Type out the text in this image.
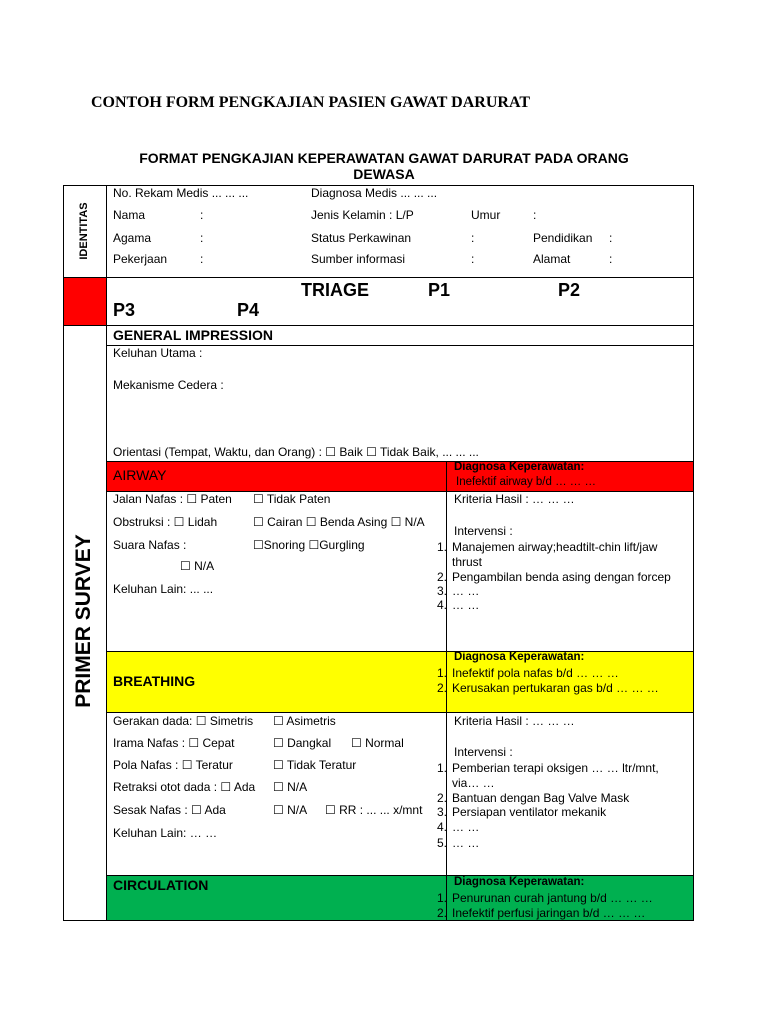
CONTOH FORM PENGKAJIAN PASIEN GAWAT DARURAT
FORMAT PENGKAJIAN KEPERAWATAN GAWAT DARURAT PADA ORANG
DEWASA
IDENTITAS
PRIMER SURVEY
No. Rekam Medis ... ... ...	Diagnosa Medis ... ... ...
Nama	:	Jenis Kelamin : L/P	Umur	:
Agama	:	Status Perkawinan	:	Pendidikan :
Pekerjaan	:	Sumber informasi	:	Alamat	:
TRIAGE	P1	P2
P3	P4
GENERAL IMPRESSION
Keluhan Utama :
Mekanisme Cedera :
Orientasi (Tempat, Waktu, dan Orang) : ☐ Baik ☐ Tidak Baik, ... ... ...
AIRWAY	Diagnosa Keperawatan:
Inefektif airway b/d … … …
Jalan Nafas : ☐ Paten ☐ Tidak Paten
Obstruksi : ☐ Lidah	☐ Cairan ☐ Benda Asing ☐ N/A
Suara Nafas :	☐Snoring ☐Gurgling
☐ N/A
Keluhan Lain: ... ...
Kriteria Hasil : … … …
Intervensi :
1. Manajemen airway;headtilt-chin lift/jaw
thrust
2. Pengambilan benda asing dengan forcep
3. … …
4. … …
BREATHING
Diagnosa Keperawatan:
1. Inefektif pola nafas b/d … … …
2. Kerusakan pertukaran gas b/d … … …
Gerakan dada: ☐ Simetris ☐ Asimetris
Irama Nafas : ☐ Cepat	☐ Dangkal ☐ Normal
Pola Nafas : ☐ Teratur	☐ Tidak Teratur
Retraksi otot dada : ☐ Ada ☐ N/A
Sesak Nafas : ☐ Ada	☐ N/A ☐ RR : ... ... x/mnt
Keluhan Lain: … …
Kriteria Hasil : … … …
Intervensi :
1. Pemberian terapi oksigen … … ltr/mnt,
via… …
2. Bantuan dengan Bag Valve Mask
3. Persiapan ventilator mekanik
4. … …
5. … …
CIRCULATION	Diagnosa Keperawatan:
1. Penurunan curah jantung b/d … … …
2. Inefektif perfusi jaringan b/d … … …
